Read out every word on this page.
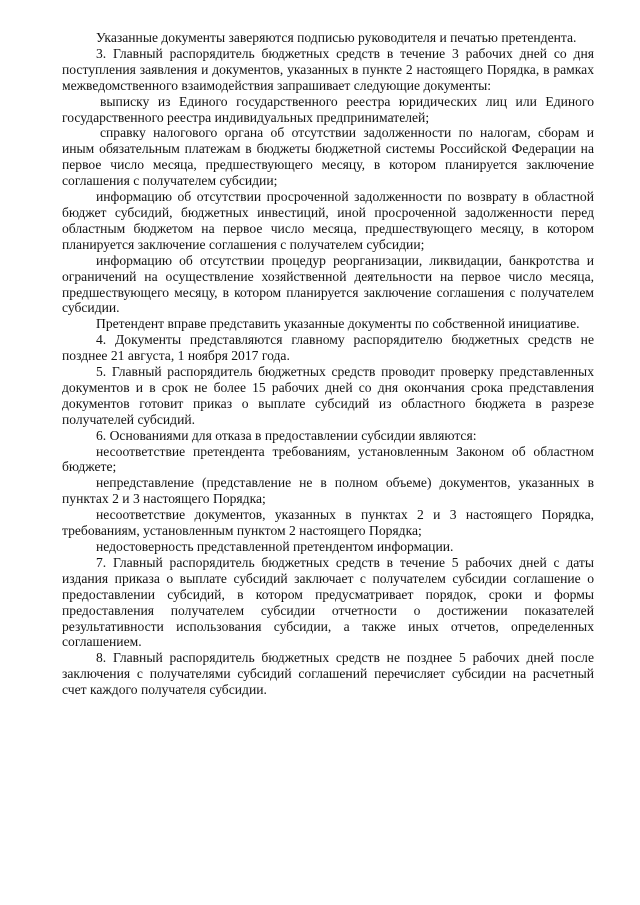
Указанные документы заверяются подписью руководителя и печатью претендента.

3. Главный распорядитель бюджетных средств в течение 3 рабочих дней со дня поступления заявления и документов, указанных в пункте 2 настоящего Порядка, в рамках межведомственного взаимодействия запрашивает следующие документы:

выписку из Единого государственного реестра юридических лиц или Единого государственного реестра индивидуальных предпринимателей;

справку налогового органа об отсутствии задолженности по налогам, сборам и иным обязательным платежам в бюджеты бюджетной системы Российской Федерации на первое число месяца, предшествующего месяцу, в котором планируется заключение соглашения с получателем субсидии;

информацию об отсутствии просроченной задолженности по возврату в областной бюджет субсидий, бюджетных инвестиций, иной просроченной задолженности перед областным бюджетом на первое число месяца, предшествующего месяцу, в котором планируется заключение соглашения с получателем субсидии;

информацию об отсутствии процедур реорганизации, ликвидации, банкротства и ограничений на осуществление хозяйственной деятельности на первое число месяца, предшествующего месяцу, в котором планируется заключение соглашения с получателем субсидии.

Претендент вправе представить указанные документы по собственной инициативе.

4. Документы представляются главному распорядителю бюджетных средств не позднее 21 августа, 1 ноября 2017 года.

5. Главный распорядитель бюджетных средств проводит проверку представленных документов и в срок не более 15 рабочих дней со дня окончания срока представления документов готовит приказ о выплате субсидий из областного бюджета в разрезе получателей субсидий.

6. Основаниями для отказа в предоставлении субсидии являются:

несоответствие претендента требованиям, установленным Законом об областном бюджете;

непредставление (представление не в полном объеме) документов, указанных в пунктах 2 и 3 настоящего Порядка;

несоответствие документов, указанных в пунктах 2 и 3 настоящего Порядка, требованиям, установленным пунктом 2 настоящего Порядка;

недостоверность представленной претендентом информации.

7. Главный распорядитель бюджетных средств в течение 5 рабочих дней с даты издания приказа о выплате субсидий заключает с получателем субсидии соглашение о предоставлении субсидий, в котором предусматривает порядок, сроки и формы предоставления получателем субсидии отчетности о достижении показателей результативности использования субсидии, а также иных отчетов, определенных соглашением.

8. Главный распорядитель бюджетных средств не позднее 5 рабочих дней после заключения с получателями субсидий соглашений перечисляет субсидии на расчетный счет каждого получателя субсидии.
